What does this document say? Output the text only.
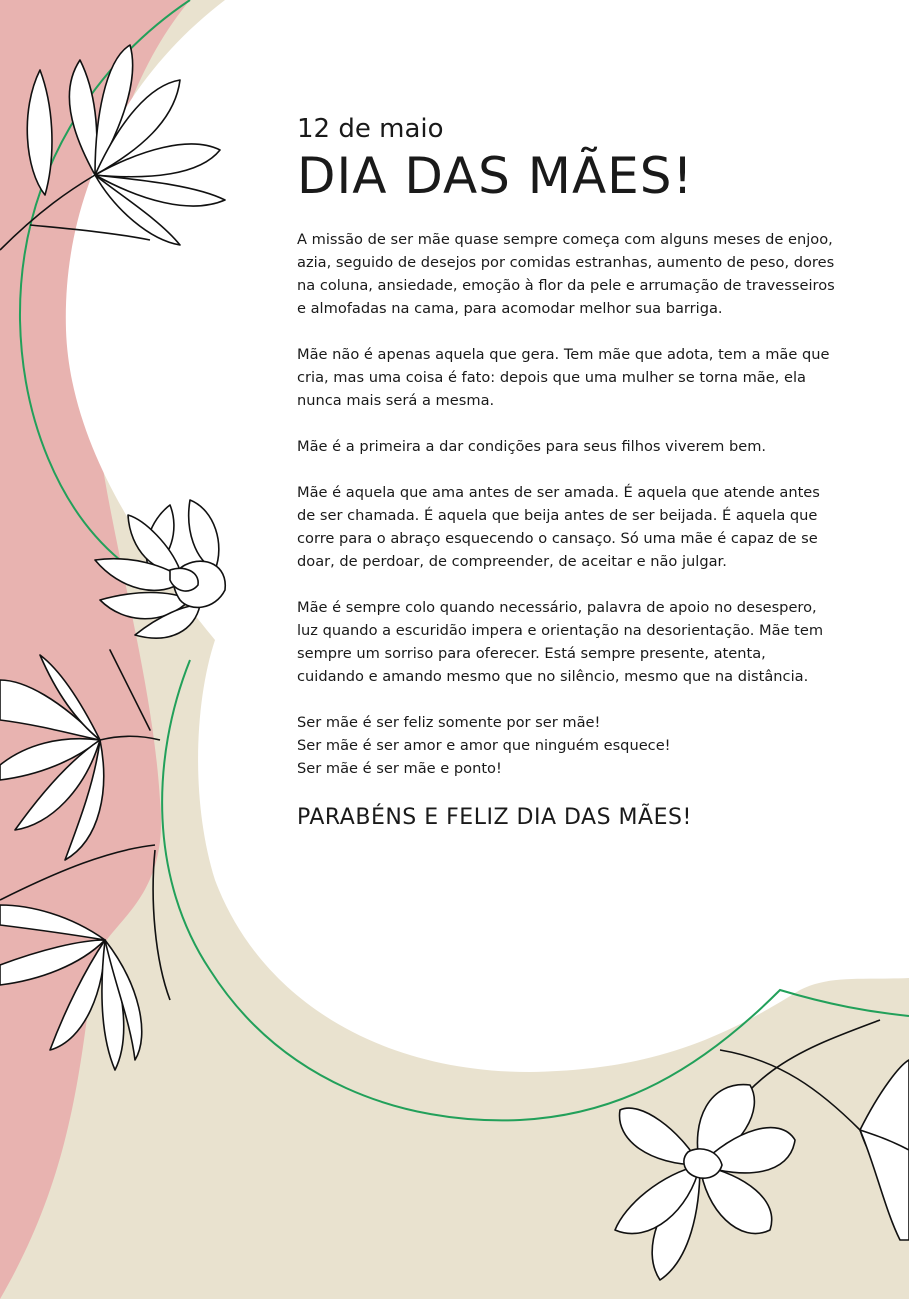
12 de maio
DIA DAS MÃES!

A missão de ser mãe quase sempre começa com alguns meses de enjoo, azia, seguido de desejos por comidas estranhas, aumento de peso, dores na coluna, ansiedade, emoção à flor da pele e arrumação de travesseiros e almofadas na cama, para acomodar melhor sua barriga.

Mãe não é apenas aquela que gera. Tem mãe que adota, tem a mãe que cria, mas uma coisa é fato: depois que uma mulher se torna mãe, ela nunca mais será a mesma.

Mãe é a primeira a dar condições para seus filhos viverem bem.

Mãe é aquela que ama antes de ser amada. É aquela que atende antes de ser chamada. É aquela que beija antes de ser beijada. É aquela que corre para o abraço esquecendo o cansaço. Só uma mãe é capaz de se doar, de perdoar, de compreender, de aceitar e não julgar.

Mãe é sempre colo quando necessário, palavra de apoio no desespero, luz quando a escuridão impera e orientação na desorientação. Mãe tem sempre um sorriso para oferecer. Está sempre presente, atenta, cuidando e amando mesmo que no silêncio, mesmo que na distância.

Ser mãe é ser feliz somente por ser mãe!
Ser mãe é ser amor e amor que ninguém esquece!
Ser mãe é ser mãe e ponto!

PARABÉNS E FELIZ DIA DAS MÃES!
